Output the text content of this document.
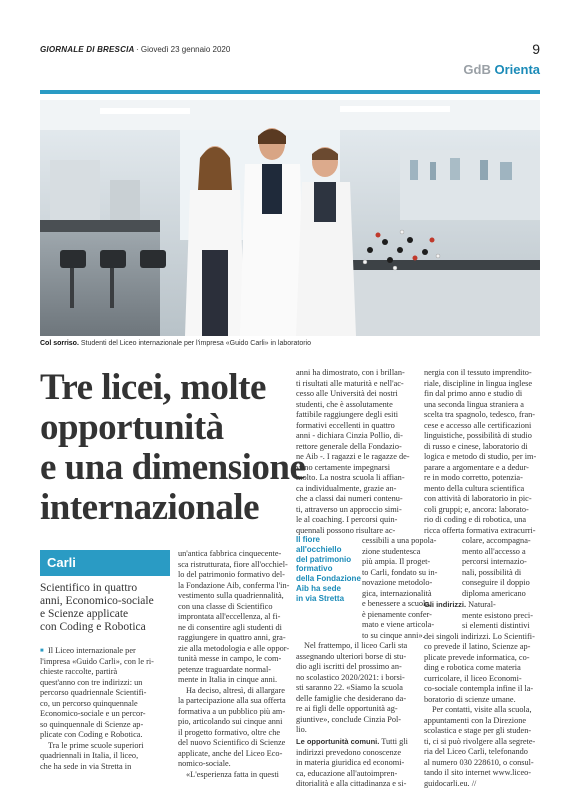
GIORNALE DI BRESCIA · Giovedì 23 gennaio 2020	9
GdB Orienta
Col sorriso. Studenti del Liceo internazionale per l'impresa «Guido Carli» in laboratorio
Tre licei, molte
opportunità
e una dimensione
internazionale
Carli
Scientifico in quattro
anni, Economico-sociale
e Scienze applicate
con Coding e Robotica
■ Il Liceo internazionale per
l'impresa «Guido Carli», con le ri-
chieste raccolte, partirà
quest'anno con tre indirizzi: un
percorso quadriennale Scientifi-
co, un percorso quinquennale
Economico-sociale e un percor-
so quinquennale di Scienze ap-
plicate con Coding e Robotica.
Tra le prime scuole superiori
quadriennali in Italia, il liceo,
che ha sede in via Stretta in
un'antica fabbrica cinquecente-
sca ristrutturata, fiore all'occhiel-
lo del patrimonio formativo del-
la Fondazione Aib, conferma l'in-
vestimento sulla quadriennalità,
con una classe di Scientifico
improntata all'eccellenza, al fi-
ne di consentire agli studenti di
raggiungere in quattro anni, gra-
zie alla metodologia e alle oppor-
tunità messe in campo, le com-
petenze traguardate normal-
mente in Italia in cinque anni.
Ha deciso, altresì, di allargare
la partecipazione alla sua offerta
formativa a un pubblico più am-
pio, articolando sui cinque anni
il progetto formativo, oltre che
del nuovo Scientifico di Scienze
applicate, anche del Liceo Eco-
nomico-sociale.
«L'esperienza fatta in questi
anni ha dimostrato, con i brillan-
ti risultati alle maturità e nell'ac-
cesso alle Università dei nostri
studenti, che è assolutamente
fattibile raggiungere degli esiti
formativi eccellenti in quattro
anni - dichiara Cinzia Pollio, di-
rettore generale della Fondazio-
ne Aib -. I ragazzi e le ragazze de-
vono certamente impegnarsi
molto. La nostra scuola li affian-
ca individualmente, grazie an-
che a classi dai numeri contenu-
ti, attraverso un approccio simi-
le al coaching. I percorsi quin-
quennali possono risultare ac-
cessibili a una popola-
zione studentesca
più ampia. Il proget-
to Carli, fondato su in-
novazione metodolo-
gica, internazionalità
e benessere a scuola,
è pienamente confer-
mato e viene articola-
to su cinque anni».
Nel frattempo, il liceo Carli sta
assegnando ulteriori borse di stu-
dio agli iscritti del prossimo an-
no scolastico 2020/2021: i borsi-
sti saranno 22. «Siamo la scuola
delle famiglie che desiderano da-
re ai figli delle opportunità ag-
giuntive», conclude Cinzia Pol-
lio.
Il fiore
all'occhiello
del patrimonio
formativo
della Fondazione
Aib ha sede
in via Stretta
Le opportunità comuni. Tutti gli
indirizzi prevedono conoscenze
in materia giuridica ed economi-
ca, educazione all'autoimpren-
ditorialità e alla cittadinanza e si-
nergia con il tessuto imprendito-
riale, discipline in lingua inglese
fin dal primo anno e studio di
una seconda lingua straniera a
scelta tra spagnolo, tedesco, fran-
cese e accesso alle certificazioni
linguistiche, possibilità di studio
di russo e cinese, laboratorio di
logica e metodo di studio, per im-
parare a argomentare e a dedur-
re in modo corretto, potenzia-
mento della cultura scientifica
con attività di laboratorio in pic-
coli gruppi; e, ancora: laborato-
rio di coding e di robotica, una
ricca offerta formativa extracurri-
colare, accompagna-
mento all'accesso a
percorsi internazio-
nali, possibilità di
conseguire il doppio
diploma americano
Gli indirizzi. Natural-
mente esistono preci-
si elementi distintivi
dei singoli indirizzi. Lo Scientifi-
co prevede il latino, Scienze ap-
plicate prevede informatica, co-
ding e robotica come materia
curricolare, il liceo Economi-
co-sociale contempla infine il la-
boratorio di scienze umane.
Per contatti, visite alla scuola,
appuntamenti con la Direzione
scolastica e stage per gli studen-
ti, ci si può rivolgere alla segrete-
ria del Liceo Carli, telefonando
al numero 030 228610, o consul-
tando il sito internet www.liceo-
guidocarli.eu. //
